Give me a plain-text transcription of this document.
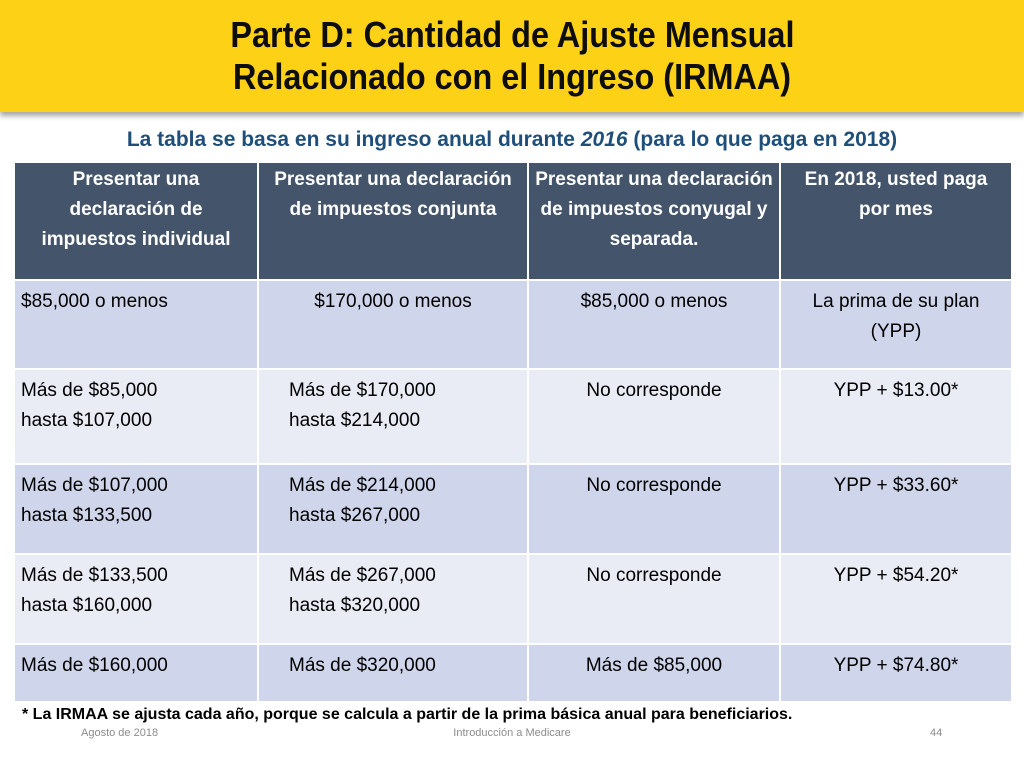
Parte D: Cantidad de Ajuste Mensual
Relacionado con el Ingreso (IRMAA)
La tabla se basa en su ingreso anual durante 2016 (para lo que paga en 2018)
Presentar una declaración de impuestos individual	Presentar una declaración de impuestos conjunta	Presentar una declaración de impuestos conyugal y separada.	En 2018, usted paga por mes

$85,000 o menos	$170,000 o menos	$85,000 o menos	La prima de su plan
(YPP)

Más de $85,000
hasta $107,000	Más de $170,000
hasta $214,000	No corresponde	YPP + $13.00*

Más de $107,000
hasta $133,500	Más de $214,000
hasta $267,000	No corresponde	YPP + $33.60*

Más de $133,500
hasta $160,000	Más de $267,000
hasta $320,000	No corresponde	YPP + $54.20*

Más de $160,000	Más de $320,000	Más de $85,000	YPP + $74.80*
* La IRMAA se ajusta cada año, porque se calcula a partir de la prima básica anual para beneficiarios.
Agosto de 2018	Introducción a Medicare	44
